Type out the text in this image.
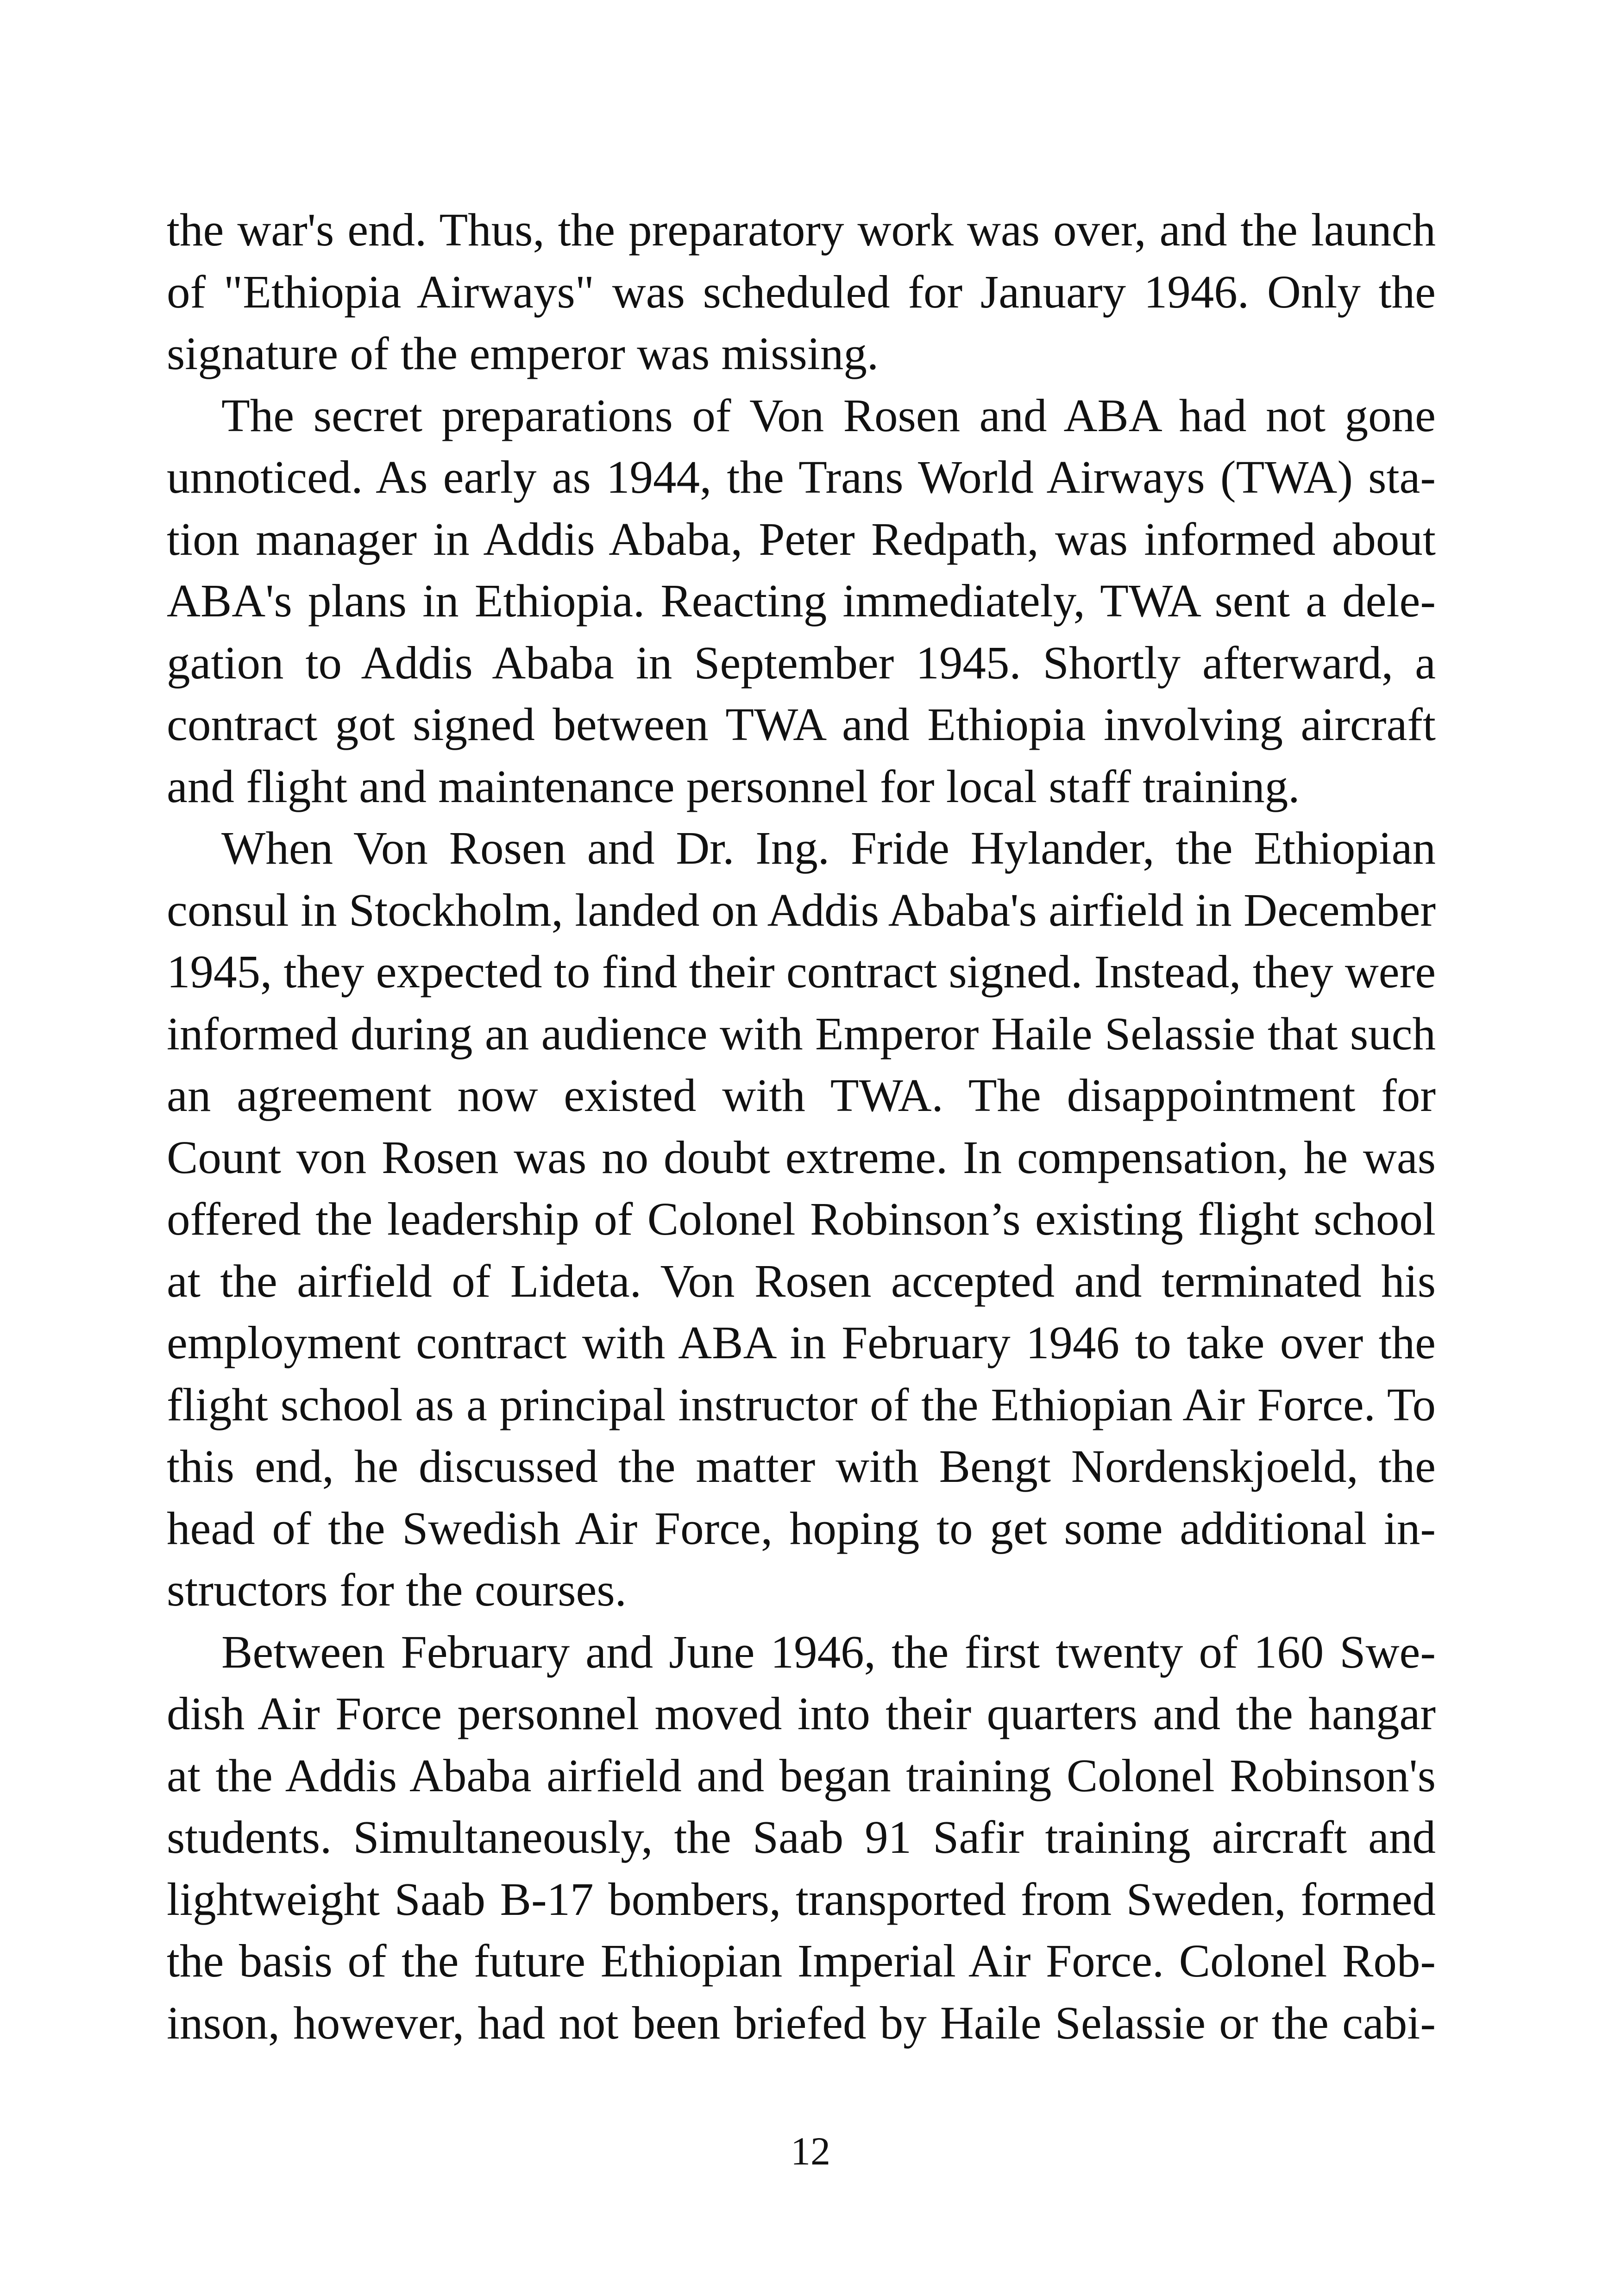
the war's end. Thus, the preparatory work was over, and the launch
of "Ethiopia Airways" was scheduled for January 1946. Only the
signature of the emperor was missing.
The secret preparations of Von Rosen and ABA had not gone
unnoticed. As early as 1944, the Trans World Airways (TWA) sta-
tion manager in Addis Ababa, Peter Redpath, was informed about
ABA's plans in Ethiopia. Reacting immediately, TWA sent a dele-
gation to Addis Ababa in September 1945. Shortly afterward, a
contract got signed between TWA and Ethiopia involving aircraft
and flight and maintenance personnel for local staff training.
When Von Rosen and Dr. Ing. Fride Hylander, the Ethiopian
consul in Stockholm, landed on Addis Ababa's airfield in December
1945, they expected to find their contract signed. Instead, they were
informed during an audience with Emperor Haile Selassie that such
an agreement now existed with TWA. The disappointment for
Count von Rosen was no doubt extreme. In compensation, he was
offered the leadership of Colonel Robinson’s existing flight school
at the airfield of Lideta. Von Rosen accepted and terminated his
employment contract with ABA in February 1946 to take over the
flight school as a principal instructor of the Ethiopian Air Force. To
this end, he discussed the matter with Bengt Nordenskjoeld, the
head of the Swedish Air Force, hoping to get some additional in-
structors for the courses.
Between February and June 1946, the first twenty of 160 Swe-
dish Air Force personnel moved into their quarters and the hangar
at the Addis Ababa airfield and began training Colonel Robinson's
students. Simultaneously, the Saab 91 Safir training aircraft and
lightweight Saab B-17 bombers, transported from Sweden, formed
the basis of the future Ethiopian Imperial Air Force. Colonel Rob-
inson, however, had not been briefed by Haile Selassie or the cabi-
12
